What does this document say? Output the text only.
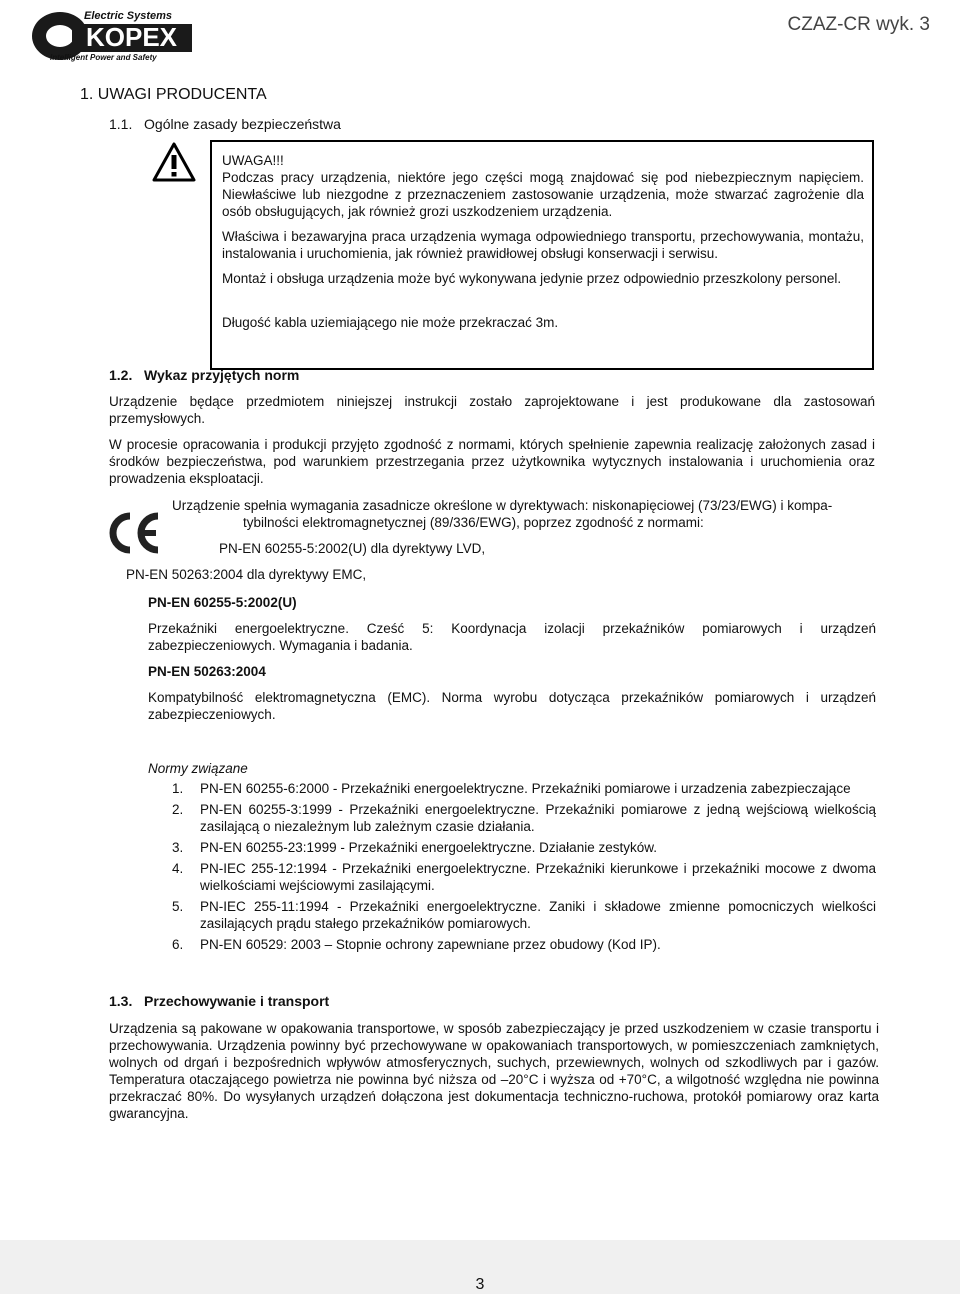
Electric Systems
KOPEX
Intelligent Power and Safety
CZAZ-CR wyk. 3
1. UWAGI PRODUCENTA
1.1. Ogólne zasady bezpieczeństwa
UWAGA!!!
Podczas pracy urządzenia, niektóre jego części mogą znajdować się pod niebezpiecznym napięciem. Niewłaściwe lub niezgodne z przeznaczeniem zastosowanie urządzenia, może stwarzać zagrożenie dla osób obsługujących, jak również grozi uszkodzeniem urządzenia.
Właściwa i bezawaryjna praca urządzenia wymaga odpowiedniego transportu, przechowywania, montażu, instalowania i uruchomienia, jak również prawidłowej obsługi konserwacji i serwisu.
Montaż i obsługa urządzenia może być wykonywana jedynie przez odpowiednio przeszkolony personel.
Długość kabla uziemiającego nie może przekraczać 3m.
1.2. Wykaz przyjętych norm
Urządzenie będące przedmiotem niniejszej instrukcji zostało zaprojektowane i jest produkowane dla zastosowań przemysłowych.
W procesie opracowania i produkcji przyjęto zgodność z normami, których spełnienie zapewnia realizację założonych zasad i środków bezpieczeństwa, pod warunkiem przestrzegania przez użytkownika wytycznych instalowania i uruchomienia oraz prowadzenia eksploatacji.
Urządzenie spełnia wymagania zasadnicze określone w dyrektywach: niskonapięciowej (73/23/EWG) i kompa-
tybilności elektromagnetycznej (89/336/EWG), poprzez zgodność z normami:
PN-EN 60255-5:2002(U) dla dyrektywy LVD,
PN-EN 50263:2004 dla dyrektywy EMC,
PN-EN 60255-5:2002(U)
Przekaźniki energoelektryczne. Cześć 5: Koordynacja izolacji przekaźników pomiarowych i urządzeń zabezpieczeniowych. Wymagania i badania.
PN-EN 50263:2004
Kompatybilność elektromagnetyczna (EMC). Norma wyrobu dotycząca przekaźników pomiarowych i urządzeń zabezpieczeniowych.
Normy związane
1. PN-EN 60255-6:2000 - Przekaźniki energoelektryczne. Przekaźniki pomiarowe i urzadzenia zabezpieczające
2. PN-EN 60255-3:1999 - Przekaźniki energoelektryczne. Przekaźniki pomiarowe z jedną wejściową wielkością zasilającą o niezależnym lub zależnym czasie działania.
3. PN-EN 60255-23:1999 - Przekaźniki energoelektryczne. Działanie zestyków.
4. PN-IEC 255-12:1994 - Przekaźniki energoelektryczne. Przekaźniki kierunkowe i przekaźniki mocowe z dwoma wielkościami wejściowymi zasilającymi.
5. PN-IEC 255-11:1994 - Przekaźniki energoelektryczne. Zaniki i składowe zmienne pomocniczych wielkości zasilających prądu stałego przekaźników pomiarowych.
6. PN-EN 60529: 2003 – Stopnie ochrony zapewniane przez obudowy (Kod IP).
1.3. Przechowywanie i transport
Urządzenia są pakowane w opakowania transportowe, w sposób zabezpieczający je przed uszkodzeniem w czasie transportu i przechowywania. Urządzenia powinny być przechowywane w opakowaniach transportowych, w pomieszczeniach zamkniętych, wolnych od drgań i bezpośrednich wpływów atmosferycznych, suchych, przewiewnych, wolnych od szkodliwych par i gazów. Temperatura otaczającego powietrza nie powinna być niższa od –20°C i wyższa od +70°C, a wilgotność względna nie powinna przekraczać 80%. Do wysyłanych urządzeń dołączona jest dokumentacja techniczno-ruchowa, protokół pomiarowy oraz karta gwarancyjna.
3
